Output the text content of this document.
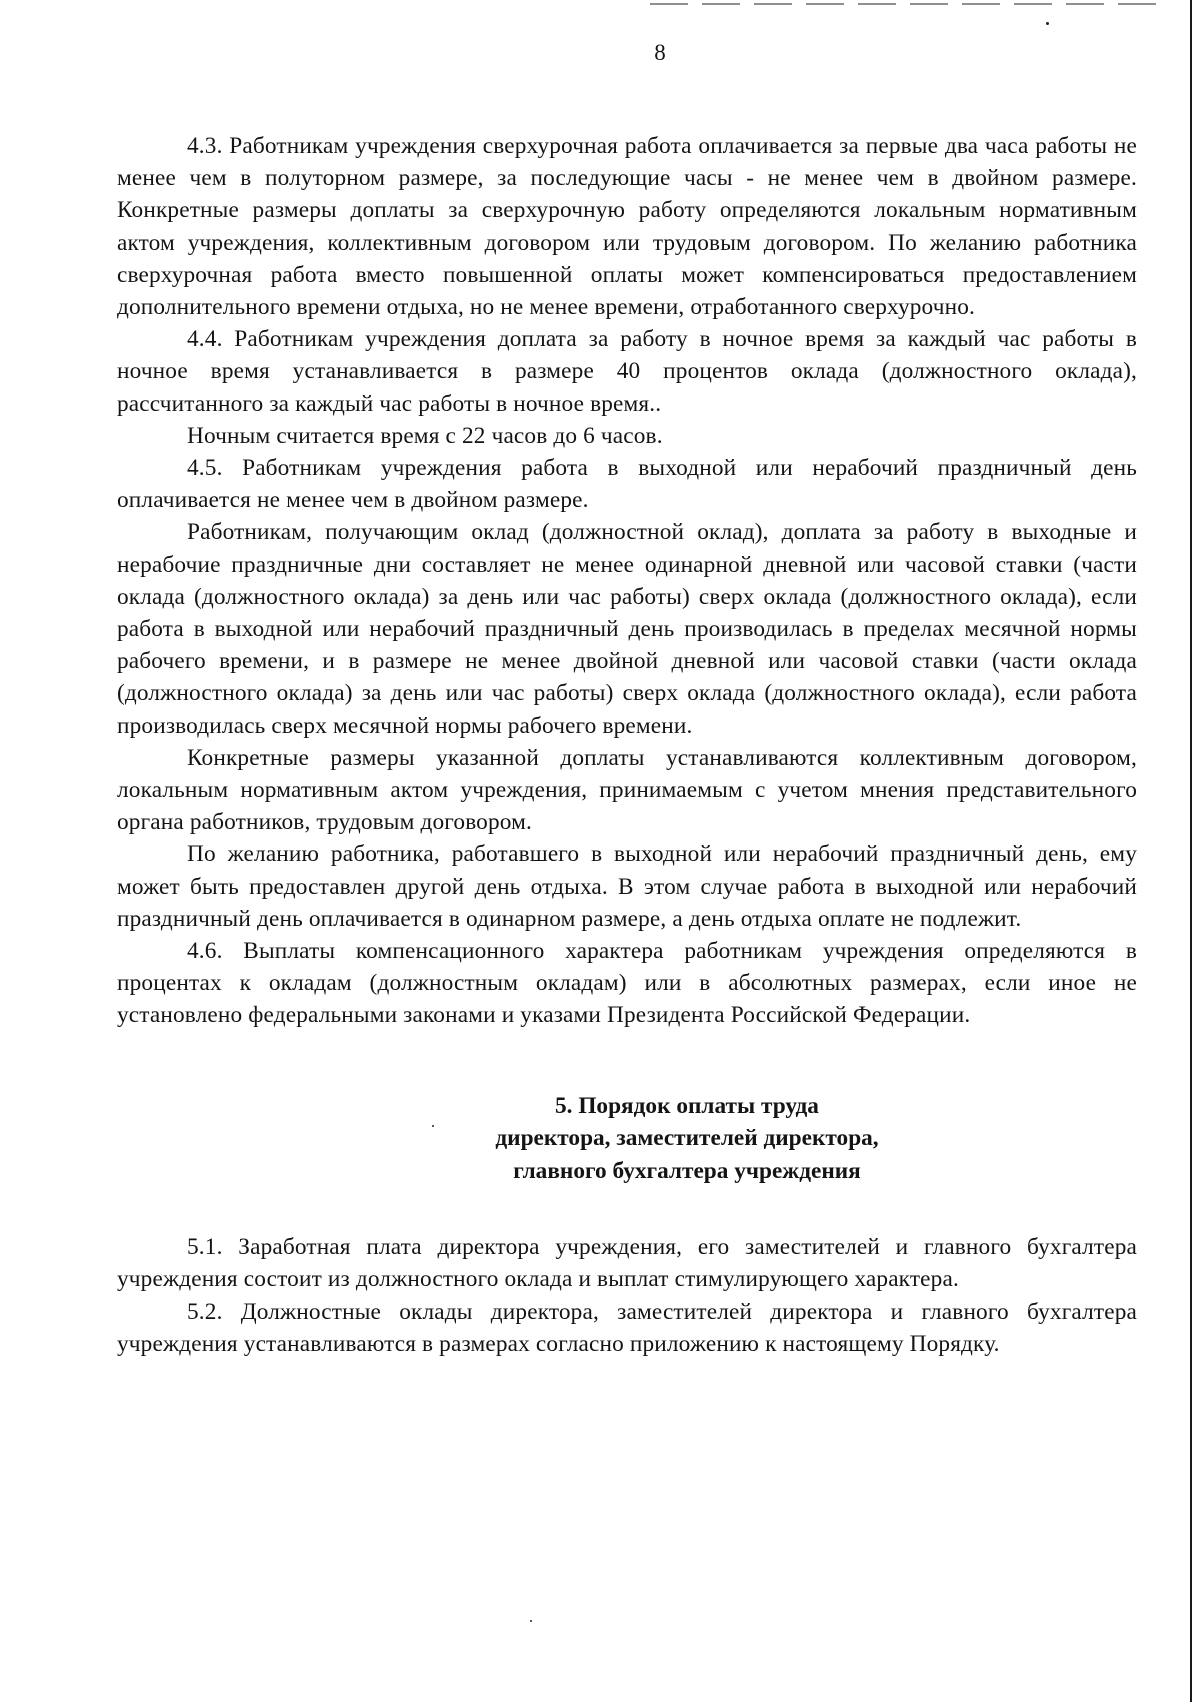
8

4.3. Работникам учреждения сверхурочная работа оплачивается за первые два часа работы не менее чем в полуторном размере, за последующие часы - не менее чем в двойном размере. Конкретные размеры доплаты за сверхурочную работу определяются локальным нормативным актом учреждения, коллективным договором или трудовым договором. По желанию работника сверхурочная работа вместо повышенной оплаты может компенсироваться предоставлением дополнительного времени отдыха, но не менее времени, отработанного сверхурочно.

4.4. Работникам учреждения доплата за работу в ночное время за каждый час работы в ночное время устанавливается в размере 40 процентов оклада (должностного оклада), рассчитанного за каждый час работы в ночное время..

Ночным считается время с 22 часов до 6 часов.

4.5. Работникам учреждения работа в выходной или нерабочий праздничный день оплачивается не менее чем в двойном размере.

Работникам, получающим оклад (должностной оклад), доплата за работу в выходные и нерабочие праздничные дни составляет не менее одинарной дневной или часовой ставки (части оклада (должностного оклада) за день или час работы) сверх оклада (должностного оклада), если работа в выходной или нерабочий праздничный день производилась в пределах месячной нормы рабочего времени, и в размере не менее двойной дневной или часовой ставки (части оклада (должностного оклада) за день или час работы) сверх оклада (должностного оклада), если работа производилась сверх месячной нормы рабочего времени.

Конкретные размеры указанной доплаты устанавливаются коллективным договором, локальным нормативным актом учреждения, принимаемым с учетом мнения представительного органа работников, трудовым договором.

По желанию работника, работавшего в выходной или нерабочий праздничный день, ему может быть предоставлен другой день отдыха. В этом случае работа в выходной или нерабочий праздничный день оплачивается в одинарном размере, а день отдыха оплате не подлежит.

4.6. Выплаты компенсационного характера работникам учреждения определяются в процентах к окладам (должностным окладам) или в абсолютных размерах, если иное не установлено федеральными законами и указами Президента Российской Федерации.

5. Порядок оплаты труда
директора, заместителей директора,
главного бухгалтера учреждения

5.1. Заработная плата директора учреждения, его заместителей и главного бухгалтера учреждения состоит из должностного оклада и выплат стимулирующего характера.

5.2. Должностные оклады директора, заместителей директора и главного бухгалтера учреждения устанавливаются в размерах согласно приложению к настоящему Порядку.
